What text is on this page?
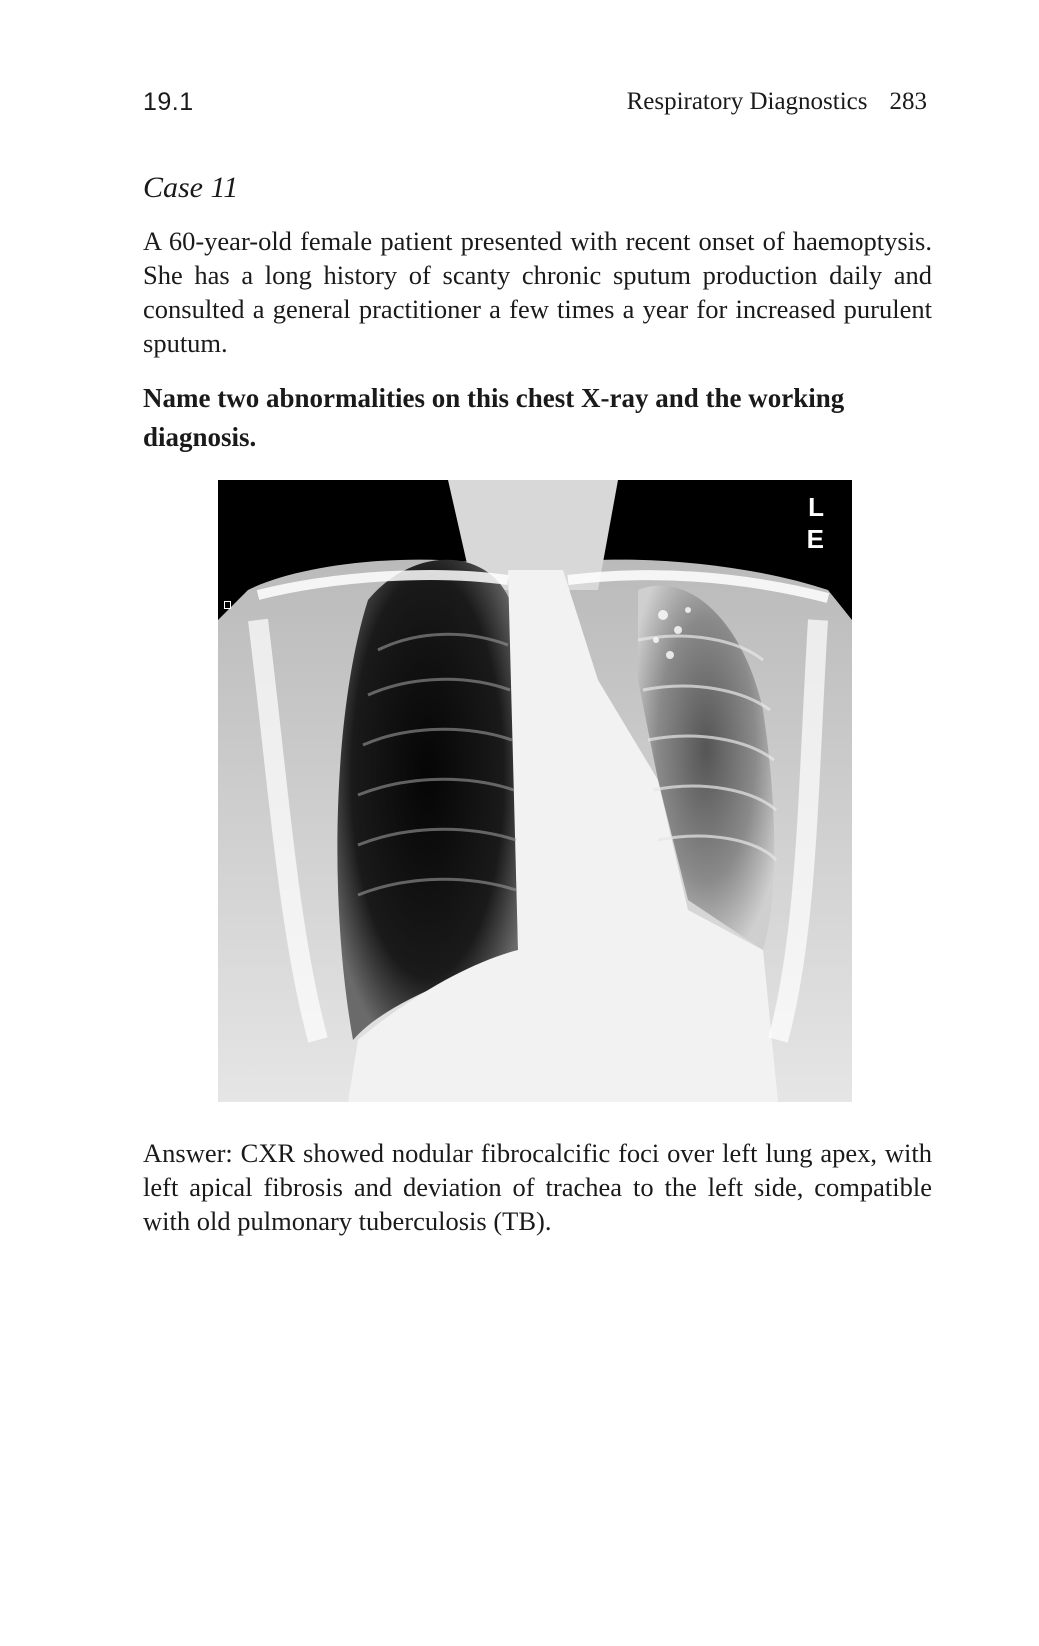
19.1	Respiratory Diagnostics 283
Case 11

A 60-year-old female patient presented with recent onset of haemoptysis. She has a long history of scanty chronic sputum production daily and consulted a general practitioner a few times a year for increased purulent sputum.

Name two abnormalities on this chest X-ray and the working diagnosis.

L
E

Answer: CXR showed nodular fibrocalcific foci over left lung apex, with left apical fibrosis and deviation of trachea to the left side, compatible with old pulmonary tuberculosis (TB).
